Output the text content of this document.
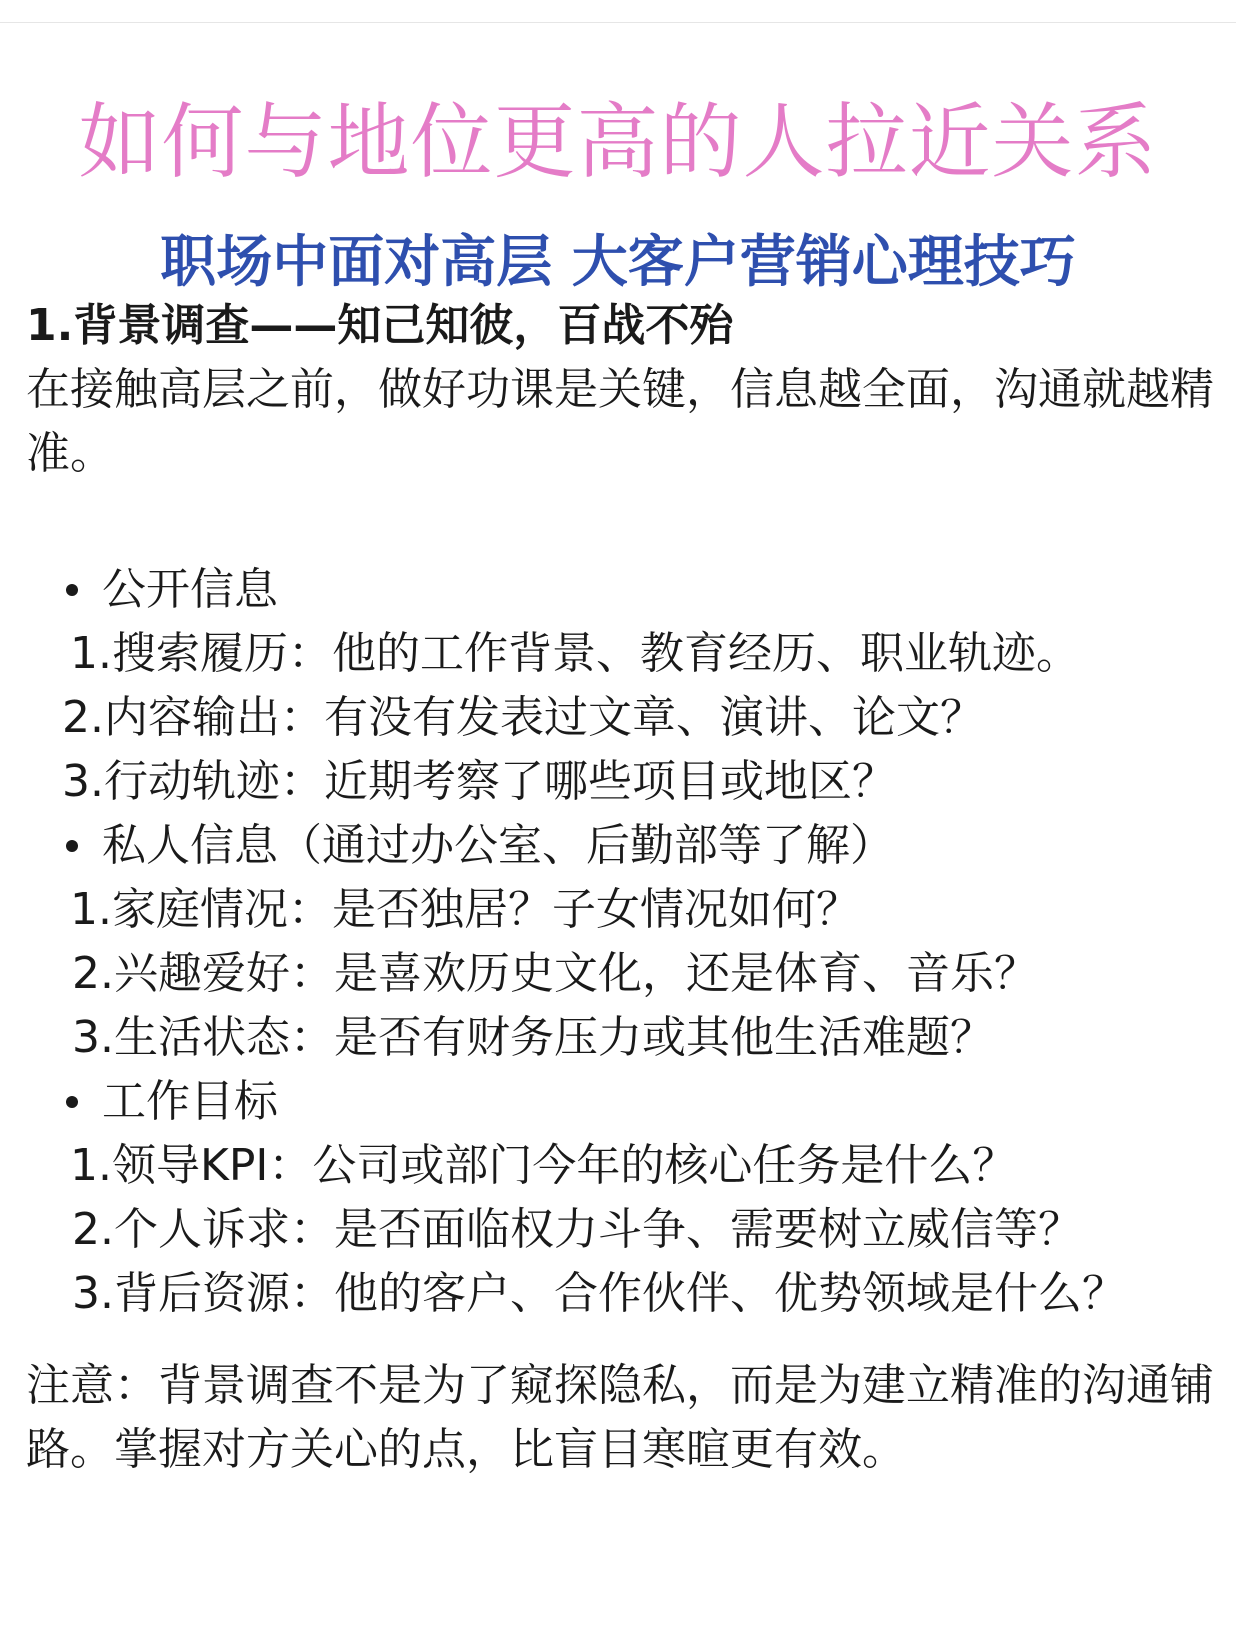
如何与地位更高的人拉近关系
职场中面对高层 大客户营销心理技巧

1.背景调查——知己知彼，百战不殆

在接触高层之前，做好功课是关键，信息越全面，沟通就越精准。

公开信息
1.搜索履历：他的工作背景、教育经历、职业轨迹。
2.内容输出：有没有发表过文章、演讲、论文？
3.行动轨迹：近期考察了哪些项目或地区？
私人信息（通过办公室、后勤部等了解）
1.家庭情况：是否独居？子女情况如何？
2.兴趣爱好：是喜欢历史文化，还是体育、音乐？
3.生活状态：是否有财务压力或其他生活难题？
工作目标
1.领导KPI：公司或部门今年的核心任务是什么？
2.个人诉求：是否面临权力斗争、需要树立威信等？
3.背后资源：他的客户、合作伙伴、优势领域是什么？

注意：背景调查不是为了窥探隐私，而是为建立精准的沟通铺路。掌握对方关心的点，比盲目寒暄更有效。
